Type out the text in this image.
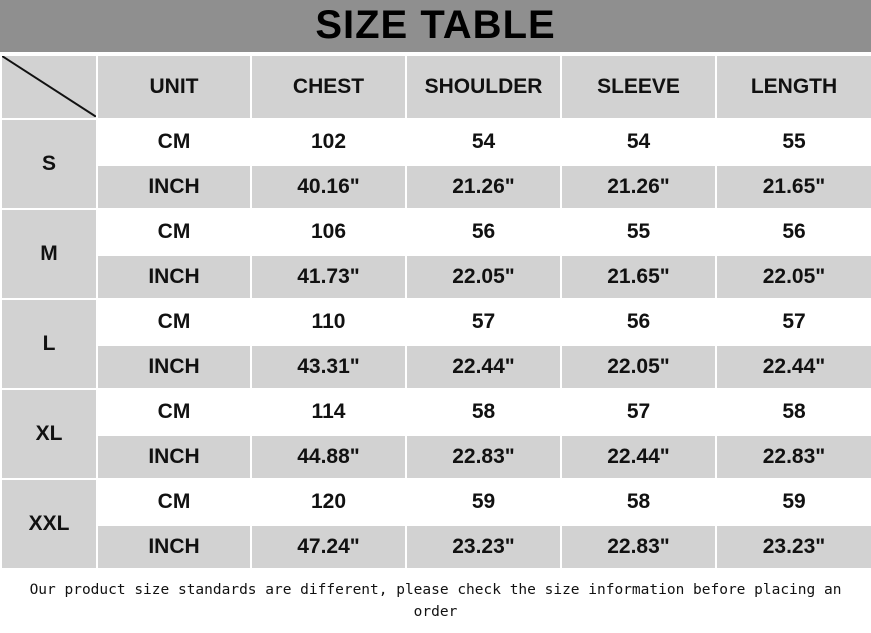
SIZE TABLE
	UNIT	CHEST	SHOULDER	SLEEVE	LENGTH
S	CM	102	54	54	55
	INCH	40.16"	21.26"	21.26"	21.65"
M	CM	106	56	55	56
	INCH	41.73"	22.05"	21.65"	22.05"
L	CM	110	57	56	57
	INCH	43.31"	22.44"	22.05"	22.44"
XL	CM	114	58	57	58
	INCH	44.88"	22.83"	22.44"	22.83"
XXL	CM	120	59	58	59
	INCH	47.24"	23.23"	22.83"	23.23"
Our product size standards are different, please check the size information before placing an order
